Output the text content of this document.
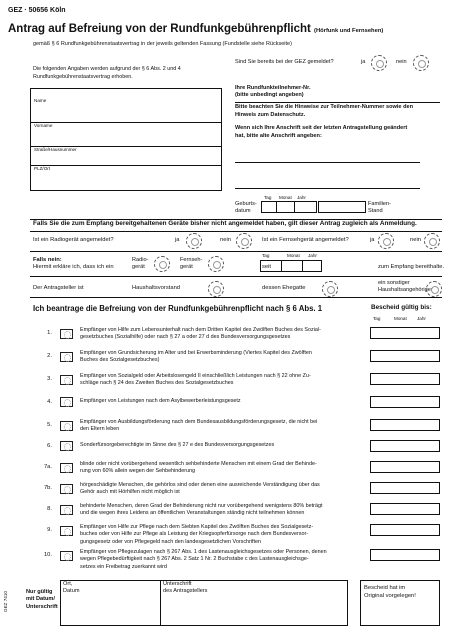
GEZ · 50656 Köln
Antrag auf Befreiung von der Rundfunkgebührenpflicht (Hörfunk und Fernsehen)
gemäß § 6 Rundfunkgebührenstaatsvertrag in der jeweils geltenden Fassung (Fundstelle siehe Rückseite)
Die folgenden Angaben werden aufgrund der § 6 Abs. 2 und 4
Rundfunkgebührenstaatsvertrag erhoben.
Name
Vorname
Straße/Hausnummer
PLZ/Ort
Sind Sie bereits bei der GEZ gemeldet?	ja	nein
Ihre Rundfunkteilnehmer-Nr.
(bitte unbedingt angeben)
Bitte beachten Sie die Hinweise zur Teilnehmer-Nummer sowie den
Hinweis zum Datenschutz.
Wenn sich Ihre Anschrift seit der letzten Antragstellung geändert
hat, bitte alte Anschrift angeben:
Tag Monat Jahr
Geburts-
datum
Familien-
Stand
Falls Sie die zum Empfang bereitgehaltenen Geräte bisher nicht angemeldet haben, gilt dieser Antrag zugleich als Anmeldung.
Ist ein Radiogerät angemeldet?	ja	nein	Ist ein Fernsehgerät angemeldet?	ja	nein
Falls nein:
Hiermit erkläre ich, dass ich ein
Radio-
gerät
Fernseh-
gerät	seit
Tag	Monat Jahr
zum Empfang bereithalte.
Der Antragsteller ist	Haushaltsvorstand	dessen Ehegatte
ein sonstiger
Haushaltsangehöriger
Ich beantrage die Befreiung von der Rundfunkgebührenpflicht nach § 6 Abs. 1	Bescheid gültig bis:
Tag	Monat Jahr
1.	Empfänger von Hilfe zum Lebensunterhalt nach dem Dritten Kapitel des Zwölften Buches des Sozial-
gesetzbuches (Sozialhilfe) oder nach § 27 a oder 27 d des Bundesversorgungsgesetzes
2.	Empfänger von Grundsicherung im Alter und bei Erwerbsminderung (Viertes Kapitel des Zwölften
Buches des Sozialgesetzbuches)
3.	Empfänger von Sozialgeld oder Arbeitslosengeld II einschließlich Leistungen nach § 22 ohne Zu-
schläge nach § 24 des Zweiten Buches des Sozialgesetzbuches
4.	Empfänger von Leistungen nach dem Asylbewerberleistungsgesetz
5.	Empfänger von Ausbildungsförderung nach dem Bundesausbildungsförderungsgesetz, die nicht bei
den Eltern leben
6.	Sonderfürsorgeberechtigte im Sinne des § 27 e des Bundesversorgungsgesetzes
7a.	blinde oder nicht vorübergehend wesentlich sehbehinderte Menschen mit einem Grad der Behinde-
rung von 60% allein wegen der Sehbehinderung
7b.	hörgeschädigte Menschen, die gehörlos sind oder denen eine ausreichende Verständigung über das
Gehör auch mit Hörhilfen nicht möglich ist
8.	behinderte Menschen, deren Grad der Behinderung nicht nur vorübergehend wenigstens 80% beträgt
und die wegen ihres Leidens an öffentlichen Veranstaltungen ständig nicht teilnehmen können
9.	Empfänger von Hilfe zur Pflege nach dem Siebten Kapitel des Zwölften Buches des Sozialgesetz-
buches oder von Hilfe zur Pflege als Leistung der Kriegsopferfürsorge nach dem Bundesversor-
gungsgesetz oder von Pflegegeld nach den landesgesetzlichen Vorschriften
10.	Empfänger von Pflegezulagen nach § 267 Abs. 1 des Lastenausgleichsgesetzes oder Personen, denen
wegen Pflegebedürftigkeit nach § 267 Abs. 2 Satz 1 Nr. 2 Buchstabe c des Lastenausgleichsge-
setzes ein Freibetrag zuerkannt wird
GEZ 7410	Nur gültig
mit Datum/
Unterschrift
Ort,
Datum
Unterschrift
des Antragstellers	Bescheid hat im
Original vorgelegen!
